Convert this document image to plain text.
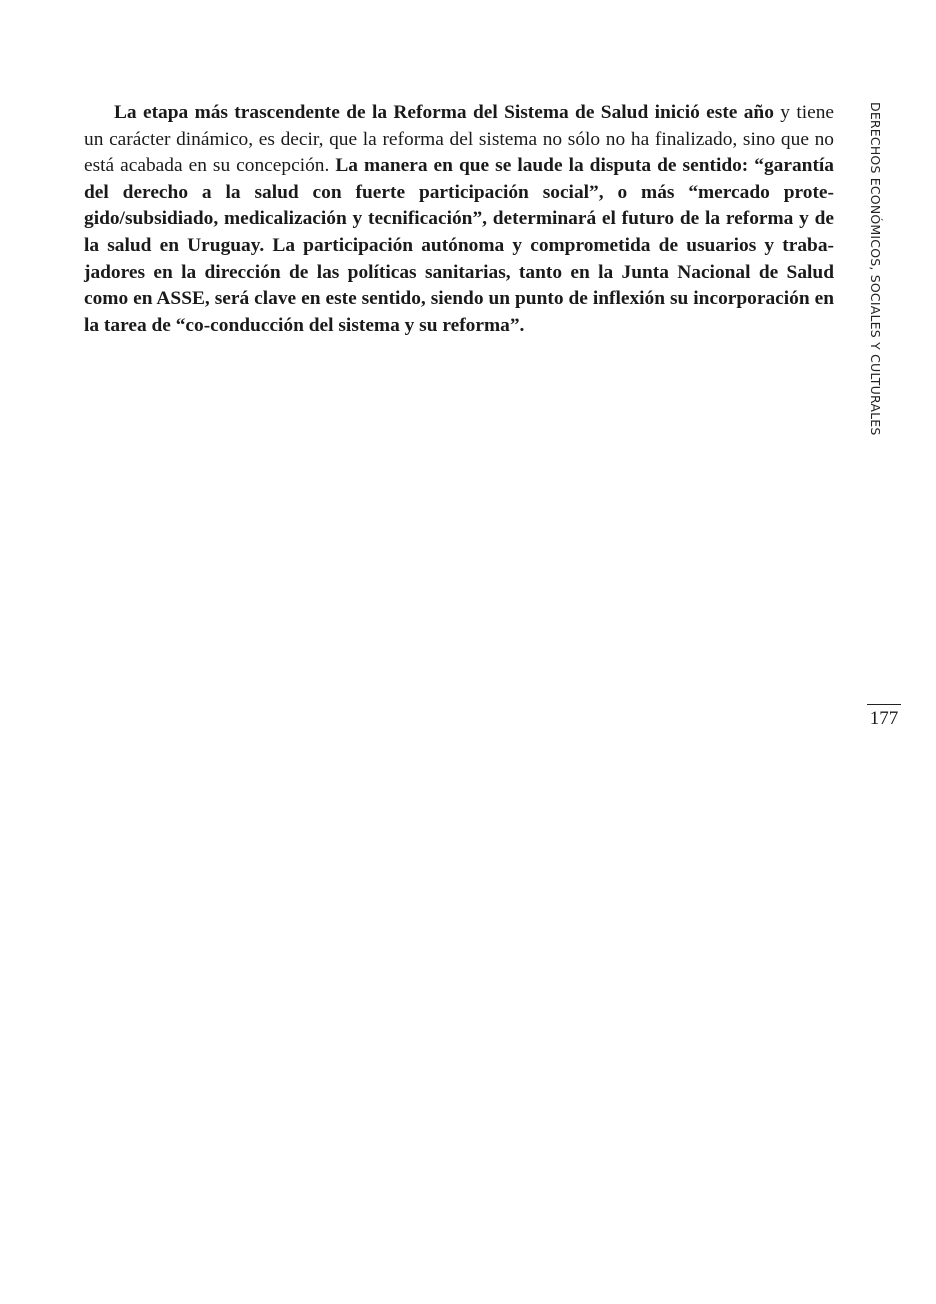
La etapa más trascendente de la Reforma del Sistema de Salud inició este año y tiene un carácter dinámico, es decir, que la reforma del sistema no sólo no ha finalizado, sino que no está acabada en su concepción. La manera en que se laude la disputa de sentido: “garantía del derecho a la salud con fuerte participación social”, o más “mercado protegido/subsidiado, medicalización y tecnificación”, determinará el futuro de la reforma y de la salud en Uruguay. La participación autónoma y comprometida de usuarios y trabajadores en la dirección de las políticas sanitarias, tanto en la Junta Nacional de Salud como en ASSE, será clave en este sentido, siendo un punto de inflexión su incorporación en la tarea de “co-conducción del sistema y su reforma”.	DERECHOS ECONÓMICOS, SOCIALES Y CULTURALES
177
